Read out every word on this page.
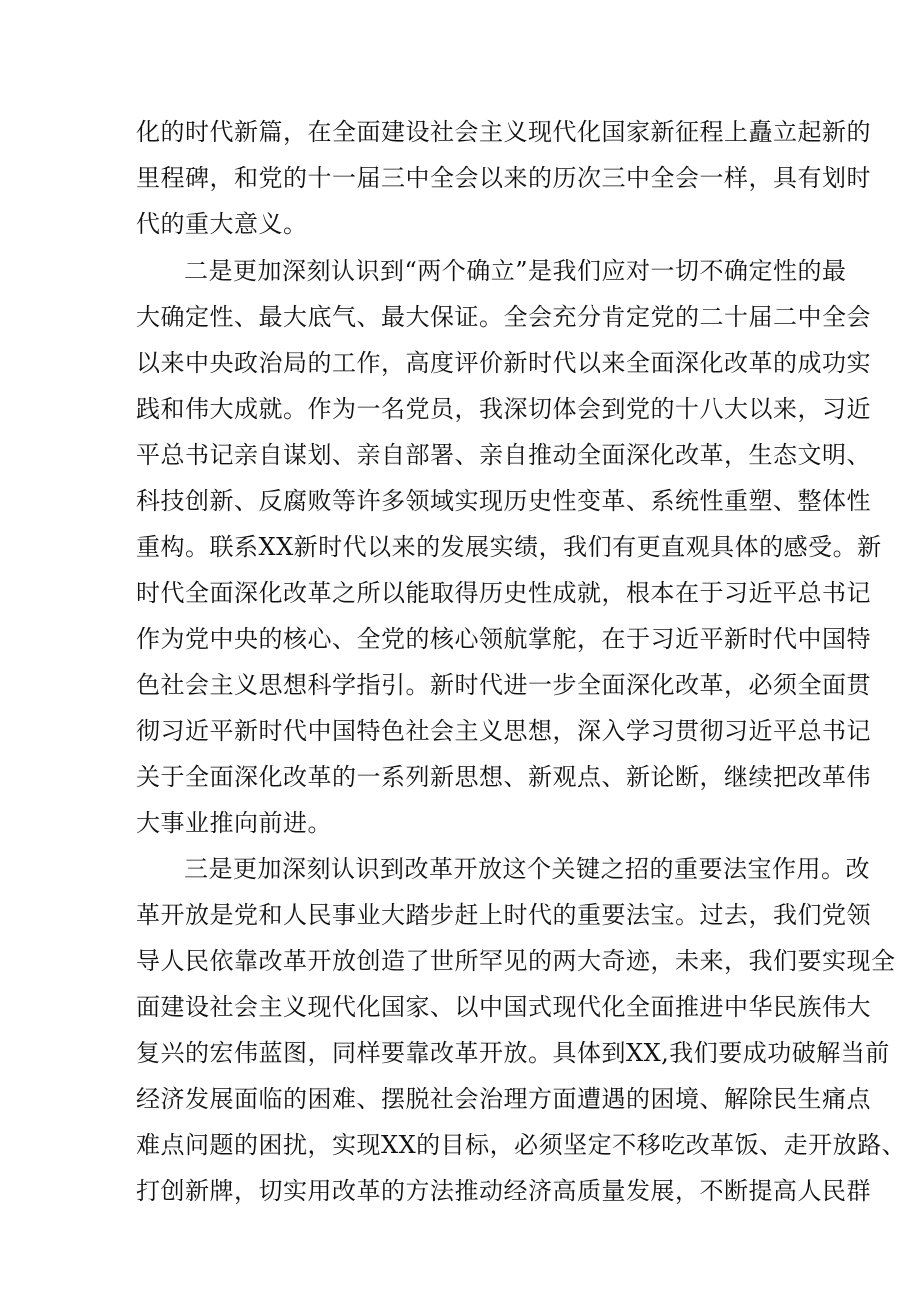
化的时代新篇，在全面建设社会主义现代化国家新征程上矗立起新的
里程碑，和党的十一届三中全会以来的历次三中全会一样，具有划时
代的重大意义。
二是更加深刻认识到“两个确立”是我们应对一切不确定性的最
大确定性、最大底气、最大保证。全会充分肯定党的二十届二中全会
以来中央政治局的工作，高度评价新时代以来全面深化改革的成功实
践和伟大成就。作为一名党员，我深切体会到党的十八大以来，习近
平总书记亲自谋划、亲自部署、亲自推动全面深化改革，生态文明、
科技创新、反腐败等许多领域实现历史性变革、系统性重塑、整体性
重构。联系XX新时代以来的发展实绩，我们有更直观具体的感受。新
时代全面深化改革之所以能取得历史性成就，根本在于习近平总书记
作为党中央的核心、全党的核心领航掌舵，在于习近平新时代中国特
色社会主义思想科学指引。新时代进一步全面深化改革，必须全面贯
彻习近平新时代中国特色社会主义思想，深入学习贯彻习近平总书记
关于全面深化改革的一系列新思想、新观点、新论断，继续把改革伟
大事业推向前进。
三是更加深刻认识到改革开放这个关键之招的重要法宝作用。改
革开放是党和人民事业大踏步赶上时代的重要法宝。过去，我们党领
导人民依靠改革开放创造了世所罕见的两大奇迹，未来，我们要实现全
面建设社会主义现代化国家、以中国式现代化全面推进中华民族伟大
复兴的宏伟蓝图，同样要靠改革开放。具体到XX,我们要成功破解当前
经济发展面临的困难、摆脱社会治理方面遭遇的困境、解除民生痛点
难点问题的困扰，实现XX的目标，必须坚定不移吃改革饭、走开放路、
打创新牌，切实用改革的方法推动经济高质量发展，不断提高人民群
